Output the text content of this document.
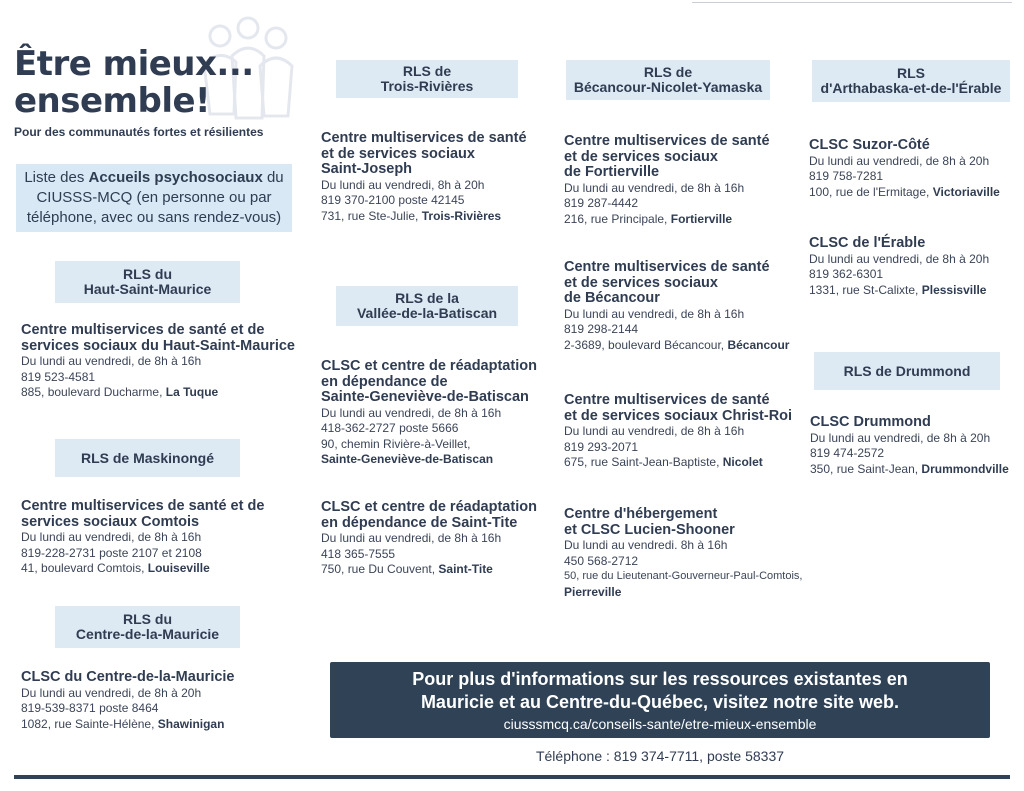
Être mieux...
ensemble!
Pour des communautés fortes et résilientes
Liste des Accueils psychosociaux du CIUSSS-MCQ (en personne ou par téléphone, avec ou sans rendez-vous)
RLS du
Haut-Saint-Maurice
Centre multiservices de santé et de
services sociaux du Haut-Saint-Maurice
Du lundi au vendredi, de 8h à 16h
819 523-4581
885, boulevard Ducharme, La Tuque
RLS de Maskinongé
Centre multiservices de santé et de
services sociaux Comtois
Du lundi au vendredi, de 8h à 16h
819-228-2731 poste 2107 et 2108
41, boulevard Comtois, Louiseville
RLS du
Centre-de-la-Mauricie
CLSC du Centre-de-la-Mauricie
Du lundi au vendredi, de 8h à 20h
819-539-8371 poste 8464
1082, rue Sainte-Hélène, Shawinigan
RLS de
Trois-Rivières
Centre multiservices de santé
et de services sociaux
Saint-Joseph
Du lundi au vendredi, 8h à 20h
819 370-2100 poste 42145
731, rue Ste-Julie, Trois-Rivières
RLS de la
Vallée-de-la-Batiscan
CLSC et centre de réadaptation
en dépendance de
Sainte-Geneviève-de-Batiscan
Du lundi au vendredi, de 8h à 16h
418-362-2727 poste 5666
90, chemin Rivière-à-Veillet,
Sainte-Geneviève-de-Batiscan
CLSC et centre de réadaptation
en dépendance de Saint-Tite
Du lundi au vendredi, de 8h à 16h
418 365-7555
750, rue Du Couvent, Saint-Tite
RLS de
Bécancour-Nicolet-Yamaska
Centre multiservices de santé
et de services sociaux
de Fortierville
Du lundi au vendredi, de 8h à 16h
819 287-4442
216, rue Principale, Fortierville
Centre multiservices de santé
et de services sociaux
de Bécancour
Du lundi au vendredi, de 8h à 16h
819 298-2144
2-3689, boulevard Bécancour, Bécancour
Centre multiservices de santé
et de services sociaux Christ-Roi
Du lundi au vendredi, de 8h à 16h
819 293-2071
675, rue Saint-Jean-Baptiste, Nicolet
Centre d'hébergement
et CLSC Lucien-Shooner
Du lundi au vendredi. 8h à 16h
450 568-2712
50, rue du Lieutenant-Gouverneur-Paul-Comtois,
Pierreville
RLS
d'Arthabaska-et-de-l'Érable
CLSC Suzor-Côté
Du lundi au vendredi, de 8h à 20h
819 758-7281
100, rue de l'Ermitage, Victoriaville
CLSC de l'Érable
Du lundi au vendredi, de 8h à 20h
819 362-6301
1331, rue St-Calixte, Plessisville
RLS de Drummond
CLSC Drummond
Du lundi au vendredi, de 8h à 20h
819 474-2572
350, rue Saint-Jean, Drummondville
Pour plus d'informations sur les ressources existantes en
Mauricie et au Centre-du-Québec, visitez notre site web.
ciusssmcq.ca/conseils-sante/etre-mieux-ensemble
Téléphone : 819 374-7711, poste 58337
